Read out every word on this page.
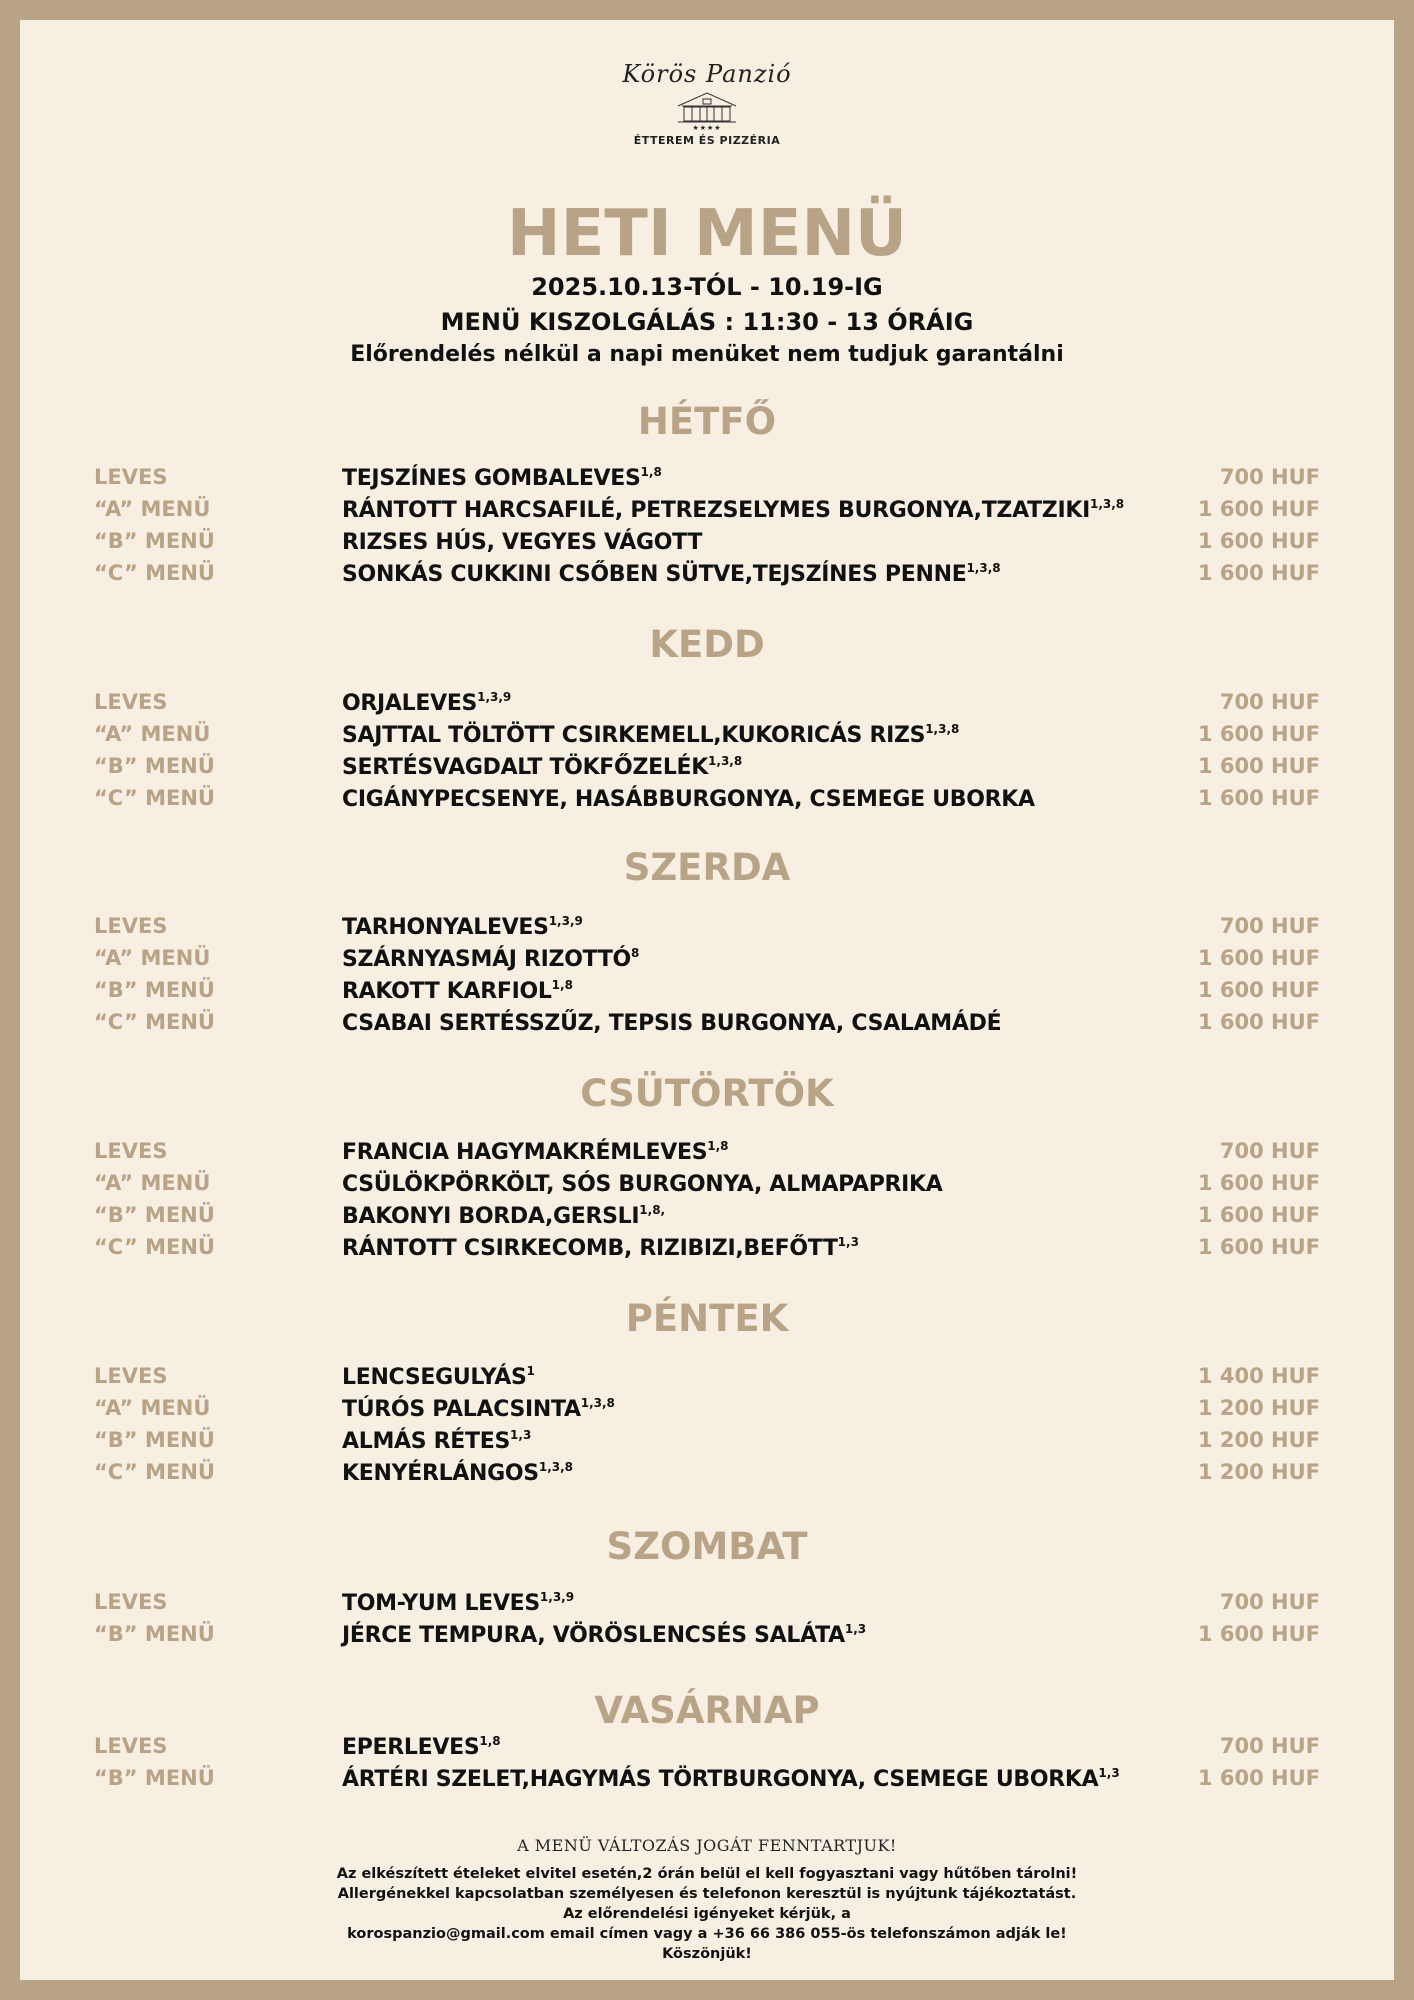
Körös Panzió
★★★★
ÉTTEREM ÉS PIZZÉRIA
HETI MENÜ
2025.10.13-TÓL - 10.19-IG
MENÜ KISZOLGÁLÁS : 11:30 - 13 ÓRÁIG
Előrendelés nélkül a napi menüket nem tudjuk garantálni
HÉTFŐ
LEVES	TEJSZÍNES GOMBALEVES$^{1,8}$	700 HUF
“A” MENÜ	RÁNTOTT HARCSAFILÉ, PETREZSELYMES BURGONYA,TZATZIKI$^{1,3,8}$	1 600 HUF
“B” MENÜ	RIZSES HÚS, VEGYES VÁGOTT	1 600 HUF
“C” MENÜ	SONKÁS CUKKINI CSŐBEN SÜTVE,TEJSZÍNES PENNE$^{1,3,8}$	1 600 HUF
KEDD
LEVES	ORJALEVES$^{1,3,9}$	700 HUF
“A” MENÜ	SAJTTAL TÖLTÖTT CSIRKEMELL,KUKORICÁS RIZS$^{1,3,8}$	1 600 HUF
“B” MENÜ	SERTÉSVAGDALT TÖKFŐZELÉK$^{1,3,8}$	1 600 HUF
“C” MENÜ	CIGÁNYPECSENYE, HASÁBBURGONYA, CSEMEGE UBORKA	1 600 HUF
SZERDA
LEVES	TARHONYALEVES$^{1,3,9}$	700 HUF
“A” MENÜ	SZÁRNYASMÁJ RIZOTTÓ$^8$	1 600 HUF
“B” MENÜ	RAKOTT KARFIOL$^{1,8}$	1 600 HUF
“C” MENÜ	CSABAI SERTÉSSZŰZ, TEPSIS BURGONYA, CSALAMÁDÉ	1 600 HUF
CSÜTÖRTÖK
LEVES	FRANCIA HAGYMAKRÉMLEVES$^{1,8}$	700 HUF
“A” MENÜ	CSÜLÖKPÖRKÖLT, SÓS BURGONYA, ALMAPAPRIKA	1 600 HUF
“B” MENÜ	BAKONYI $BORDA,GERSLI^{1,8,}$	1 600 HUF
“C” MENÜ	RÁNTOTT CSIRKECOMB, RIZIBIZI,BEFŐTT$^{1,3}$	1 600 HUF
PÉNTEK
LEVES	LENCSEGULYÁS$^1$	1 400 HUF
“A” MENÜ	TÚRÓS PALACSINTA$^{1,3,8}$	1 200 HUF
“B” MENÜ	ALMÁS RÉTES$^{1,3}$	1 200 HUF
“C” MENÜ	KENYÉRLÁNGOS$^{1,3,8}$	1 200 HUF
SZOMBAT
LEVES	TOM-YUM LEVES$^{1,3,9}$	700 HUF
“B” MENÜ	JÉRCE TEMPURA, VÖRÖSLENCSÉS SALÁTA$^{1,3}$	1 600 HUF
VASÁRNAP
LEVES	EPERLEVES$^{1,8}$	700 HUF
“B” MENÜ	ÁRTÉRI SZELET,HAGYMÁS TÖRTBURGONYA, CSEMEGE UBORKA$^{1,3}$	1 600 HUF
A MENÜ VÁLTOZÁS JOGÁT FENNTARTJUK!
Az elkészített ételeket elvitel esetén,2 órán belül el kell fogyasztani vagy hűtőben tárolni!
Allergénekkel kapcsolatban személyesen és telefonon keresztül is nyújtunk tájékoztatást.
Az előrendelési igényeket kérjük, a
korospanzio@gmail.com email címen vagy a +36 66 386 055-ös telefonszámon adják le!
Köszönjük!
